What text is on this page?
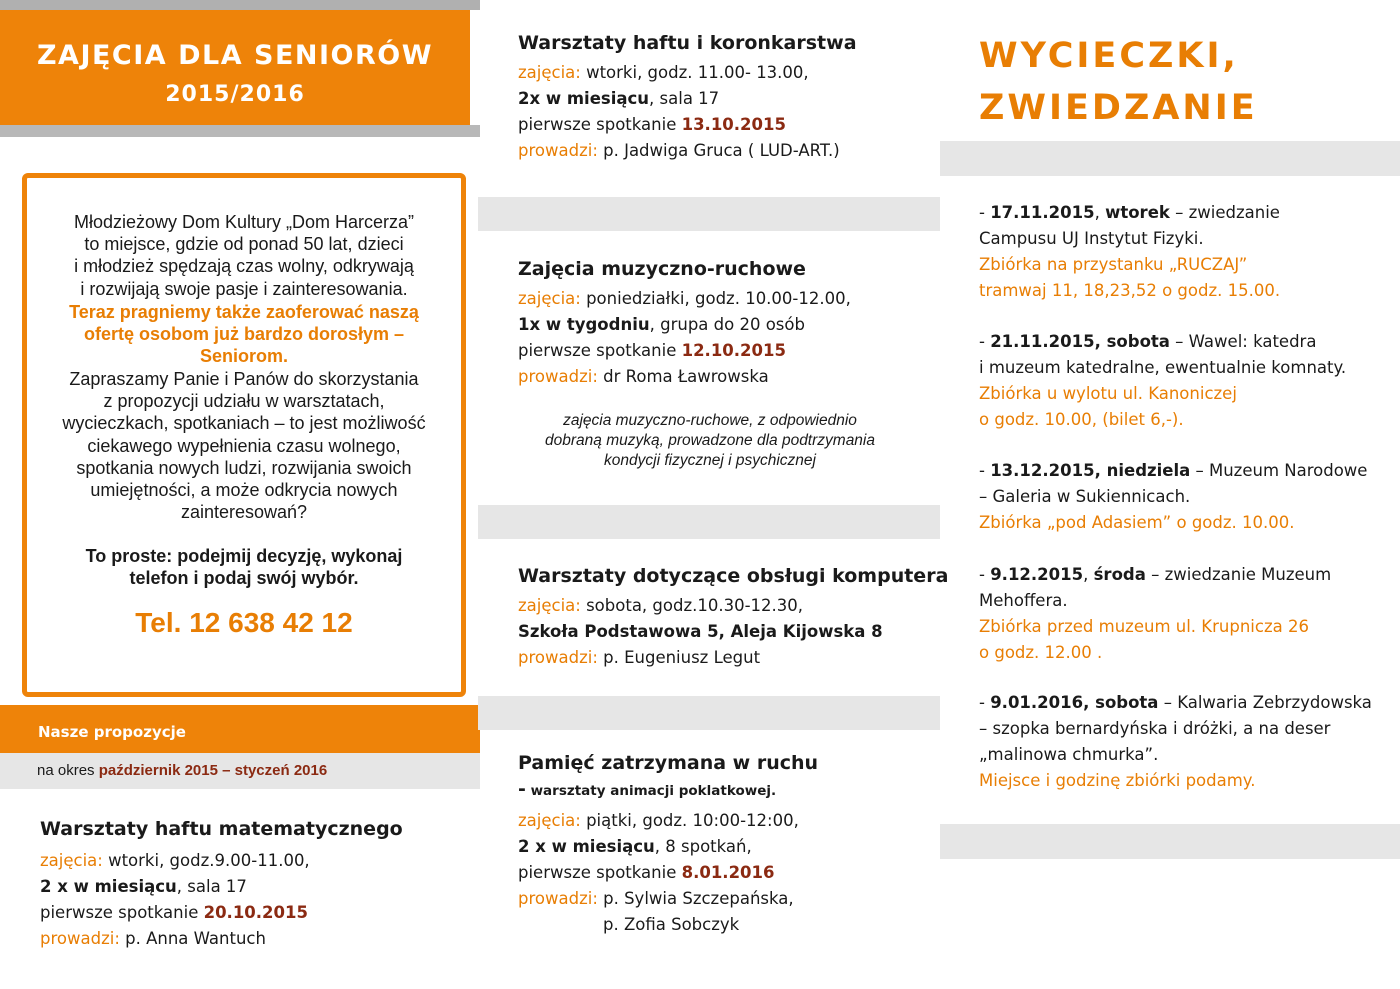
ZAJĘCIA DLA SENIORÓW
2015/2016
Młodzieżowy Dom Kultury „Dom Harcerza”
to miejsce, gdzie od ponad 50 lat, dzieci
i młodzież spędzają czas wolny, odkrywają
i rozwijają swoje pasje i zainteresowania.
Teraz pragniemy także zaoferować naszą
ofertę osobom już bardzo dorosłym –
Seniorom.
Zapraszamy Panie i Panów do skorzystania
z propozycji udziału w warsztatach,
wycieczkach, spotkaniach – to jest możliwość
ciekawego wypełnienia czasu wolnego,
spotkania nowych ludzi, rozwijania swoich
umiejętności, a może odkrycia nowych
zainteresowań?
To proste: podejmij decyzję, wykonaj
telefon i podaj swój wybór.
Tel. 12 638 42 12
Nasze propozycje
na okres październik 2015 – styczeń 2016
Warsztaty haftu matematycznego
zajęcia: wtorki, godz.9.00-11.00,
2 x w miesiącu, sala 17
pierwsze spotkanie 20.10.2015
prowadzi: p. Anna Wantuch
Warsztaty haftu i koronkarstwa
zajęcia: wtorki, godz. 11.00- 13.00,
2x w miesiącu, sala 17
pierwsze spotkanie 13.10.2015
prowadzi: p. Jadwiga Gruca ( LUD-ART.)
Zajęcia muzyczno-ruchowe
zajęcia: poniedziałki, godz. 10.00-12.00,
1x w tygodniu, grupa do 20 osób
pierwsze spotkanie 12.10.2015
prowadzi: dr Roma Ławrowska
zajęcia muzyczno-ruchowe, z odpowiednio
dobraną muzyką, prowadzone dla podtrzymania
kondycji fizycznej i psychicznej
Warsztaty dotyczące obsługi komputera
zajęcia: sobota, godz.10.30-12.30,
Szkoła Podstawowa 5, Aleja Kijowska 8
prowadzi: p. Eugeniusz Legut
Pamięć zatrzymana w ruchu
- warsztaty animacji poklatkowej.
zajęcia: piątki, godz. 10:00-12:00,
2 x w miesiącu, 8 spotkań,
pierwsze spotkanie 8.01.2016
prowadzi: p. Sylwia Szczepańska,
p. Zofia Sobczyk
WYCIECZKI,
ZWIEDZANIE
- 17.11.2015, wtorek – zwiedzanie
Campusu UJ Instytut Fizyki.
Zbiórka na przystanku „RUCZAJ”
tramwaj 11, 18,23,52 o godz. 15.00.
- 21.11.2015, sobota – Wawel: katedra
i muzeum katedralne, ewentualnie komnaty.
Zbiórka u wylotu ul. Kanoniczej
o godz. 10.00, (bilet 6,-).
- 13.12.2015, niedziela – Muzeum Narodowe
– Galeria w Sukiennicach.
Zbiórka „pod Adasiem” o godz. 10.00.
- 9.12.2015, środa – zwiedzanie Muzeum
Mehoffera.
Zbiórka przed muzeum ul. Krupnicza 26
o godz. 12.00 .
- 9.01.2016, sobota – Kalwaria Zebrzydowska
– szopka bernardyńska i dróżki, a na deser
„malinowa chmurka”.
Miejsce i godzinę zbiórki podamy.
